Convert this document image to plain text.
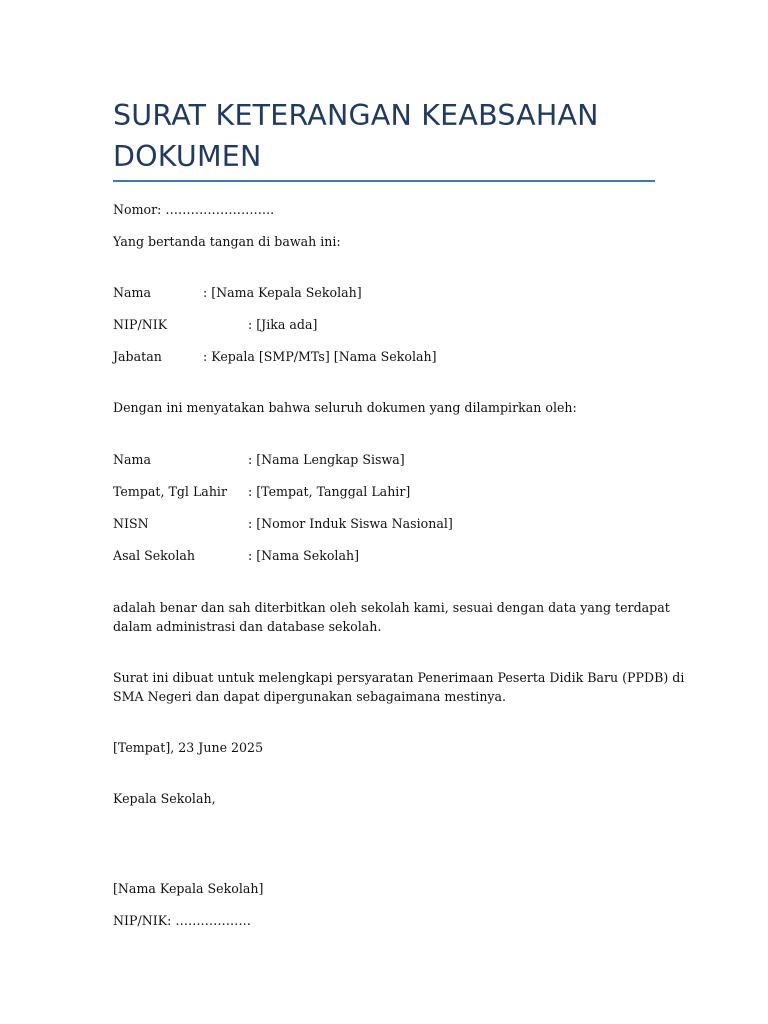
SURAT KETERANGAN KEABSAHAN
DOKUMEN
Nomor: ……………………..
Yang bertanda tangan di bawah ini:
Nama	: [Nama Kepala Sekolah]
NIP/NIK	: [Jika ada]
Jabatan	: Kepala [SMP/MTs] [Nama Sekolah]
Dengan ini menyatakan bahwa seluruh dokumen yang dilampirkan oleh:
Nama	: [Nama Lengkap Siswa]
Tempat, Tgl Lahir : [Tempat, Tanggal Lahir]
NISN	: [Nomor Induk Siswa Nasional]
Asal Sekolah	: [Nama Sekolah]
adalah benar dan sah diterbitkan oleh sekolah kami, sesuai dengan data yang terdapat
dalam administrasi dan database sekolah.
Surat ini dibuat untuk melengkapi persyaratan Penerimaan Peserta Didik Baru (PPDB) di
SMA Negeri dan dapat dipergunakan sebagaimana mestinya.
[Tempat], 23 June 2025
Kepala Sekolah,
[Nama Kepala Sekolah]
NIP/NIK: ………………
